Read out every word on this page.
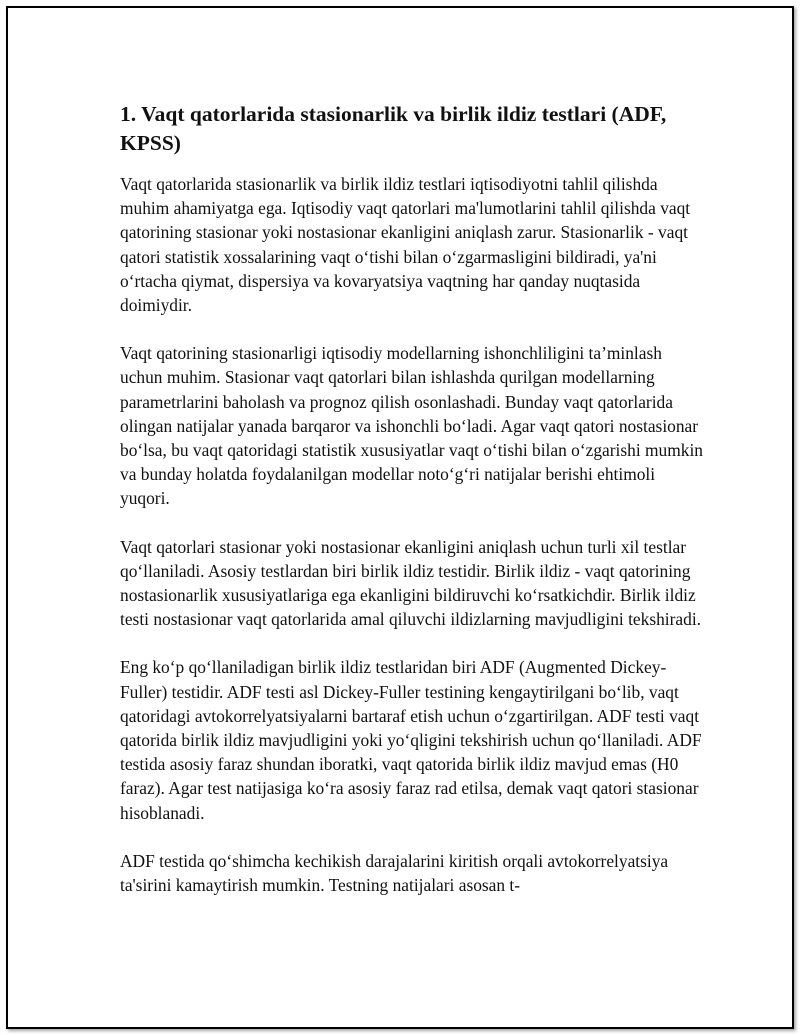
1. Vaqt qatorlarida stasionarlik va birlik ildiz testlari (ADF, KPSS)

Vaqt qatorlarida stasionarlik va birlik ildiz testlari iqtisodiyotni tahlil qilishda muhim ahamiyatga ega. Iqtisodiy vaqt qatorlari ma'lumotlarini tahlil qilishda vaqt qatorining stasionar yoki nostasionar ekanligini aniqlash zarur. Stasionarlik - vaqt qatori statistik xossalarining vaqt o‘tishi bilan o‘zgarmasligini bildiradi, ya'ni o‘rtacha qiymat, dispersiya va kovaryatsiya vaqtning har qanday nuqtasida doimiydir.

Vaqt qatorining stasionarligi iqtisodiy modellarning ishonchliligini ta’minlash uchun muhim. Stasionar vaqt qatorlari bilan ishlashda qurilgan modellarning parametrlarini baholash va prognoz qilish osonlashadi. Bunday vaqt qatorlarida olingan natijalar yanada barqaror va ishonchli bo‘ladi. Agar vaqt qatori nostasionar bo‘lsa, bu vaqt qatoridagi statistik xususiyatlar vaqt o‘tishi bilan o‘zgarishi mumkin va bunday holatda foydalanilgan modellar noto‘g‘ri natijalar berishi ehtimoli yuqori.

Vaqt qatorlari stasionar yoki nostasionar ekanligini aniqlash uchun turli xil testlar qo‘llaniladi. Asosiy testlardan biri birlik ildiz testidir. Birlik ildiz - vaqt qatorining nostasionarlik xususiyatlariga ega ekanligini bildiruvchi ko‘rsatkichdir. Birlik ildiz testi nostasionar vaqt qatorlarida amal qiluvchi ildizlarning mavjudligini tekshiradi.

Eng ko‘p qo‘llaniladigan birlik ildiz testlaridan biri ADF (Augmented Dickey-Fuller) testidir. ADF testi asl Dickey-Fuller testining kengaytirilgani bo‘lib, vaqt qatoridagi avtokorrelyatsiyalarni bartaraf etish uchun o‘zgartirilgan. ADF testi vaqt qatorida birlik ildiz mavjudligini yoki yo‘qligini tekshirish uchun qo‘llaniladi. ADF testida asosiy faraz shundan iboratki, vaqt qatorida birlik ildiz mavjud emas (H0 faraz). Agar test natijasiga ko‘ra asosiy faraz rad etilsa, demak vaqt qatori stasionar hisoblanadi.

ADF testida qo‘shimcha kechikish darajalarini kiritish orqali avtokorrelyatsiya ta'sirini kamaytirish mumkin. Testning natijalari asosan t-
